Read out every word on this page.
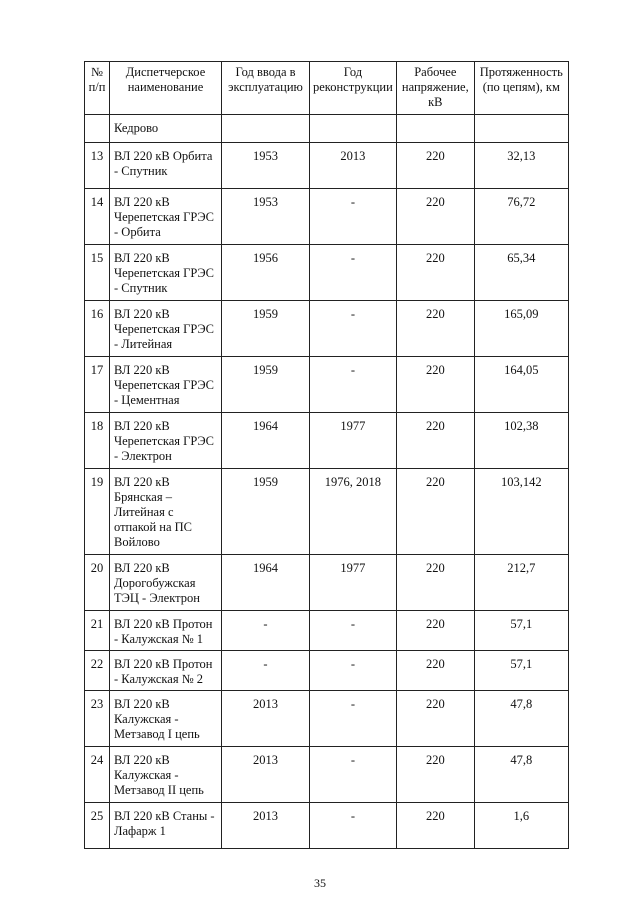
№ п/п	Диспетчерское наименование	Год ввода в эксплуатацию	Год реконструкции	Рабочее напряжение, кВ	Протяженность (по цепям), км
	Кедрово				
13	ВЛ 220 кВ Орбита - Спутник	1953	2013	220	32,13
14	ВЛ 220 кВ Черепетская ГРЭС - Орбита	1953	-	220	76,72
15	ВЛ 220 кВ Черепетская ГРЭС - Спутник	1956	-	220	65,34
16	ВЛ 220 кВ Черепетская ГРЭС - Литейная	1959	-	220	165,09
17	ВЛ 220 кВ Черепетская ГРЭС - Цементная	1959	-	220	164,05
18	ВЛ 220 кВ Черепетская ГРЭС - Электрон	1964	1977	220	102,38
19	ВЛ 220 кВ Брянская – Литейная с отпакой на ПС Войлово	1959	1976, 2018	220	103,142
20	ВЛ 220 кВ Дорогобужская ТЭЦ - Электрон	1964	1977	220	212,7
21	ВЛ 220 кВ Протон - Калужская № 1	-	-	220	57,1
22	ВЛ 220 кВ Протон - Калужская № 2	-	-	220	57,1
23	ВЛ 220 кВ Калужская - Метзавод I цепь	2013	-	220	47,8
24	ВЛ 220 кВ Калужская - Метзавод II цепь	2013	-	220	47,8
25	ВЛ 220 кВ Станы - Лафарж 1	2013	-	220	1,6
35
